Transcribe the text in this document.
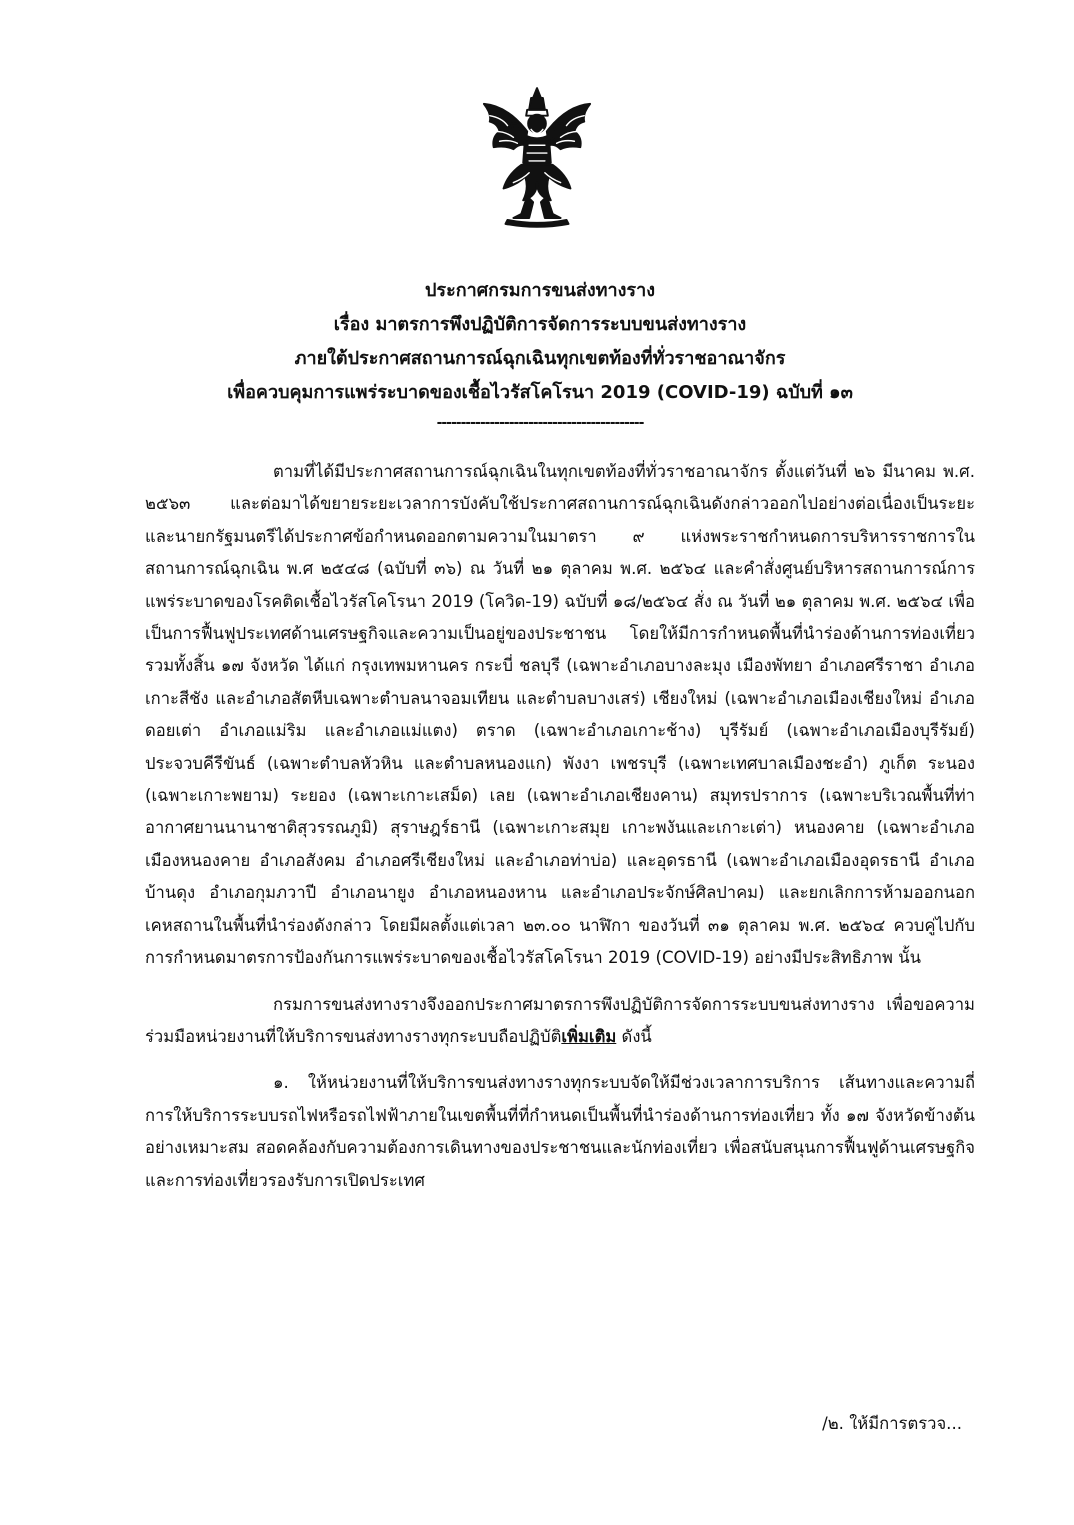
ประกาศกรมการขนส่งทางราง
เรื่อง มาตรการพึงปฏิบัติการจัดการระบบขนส่งทางราง
ภายใต้ประกาศสถานการณ์ฉุกเฉินทุกเขตท้องที่ทั่วราชอาณาจักร
เพื่อควบคุมการแพร่ระบาดของเชื้อไวรัสโคโรนา 2019 (COVID-19) ฉบับที่ ๑๓
-------------------------------------------

ตามที่ได้มีประกาศสถานการณ์ฉุกเฉินในทุกเขตท้องที่ทั่วราชอาณาจักร ตั้งแต่วันที่ ๒๖ มีนาคม พ.ศ. ๒๕๖๓ และต่อมาได้ขยายระยะเวลาการบังคับใช้ประกาศสถานการณ์ฉุกเฉินดังกล่าวออกไปอย่างต่อเนื่องเป็นระยะ และนายกรัฐมนตรีได้ประกาศข้อกำหนดออกตามความในมาตรา ๙ แห่งพระราชกำหนดการบริหารราชการในสถานการณ์ฉุกเฉิน พ.ศ ๒๕๔๘ (ฉบับที่ ๓๖) ณ วันที่ ๒๑ ตุลาคม พ.ศ. ๒๕๖๔ และคำสั่งศูนย์บริหารสถานการณ์การแพร่ระบาดของโรคติดเชื้อไวรัสโคโรนา 2019 (โควิด-19) ฉบับที่ ๑๘/๒๕๖๔ สั่ง ณ วันที่ ๒๑ ตุลาคม พ.ศ. ๒๕๖๔ เพื่อเป็นการฟื้นฟูประเทศด้านเศรษฐกิจและความเป็นอยู่ของประชาชน โดยให้มีการกำหนดพื้นที่นำร่องด้านการท่องเที่ยว รวมทั้งสิ้น ๑๗ จังหวัด ได้แก่ กรุงเทพมหานคร กระบี่ ชลบุรี (เฉพาะอำเภอบางละมุง เมืองพัทยา อำเภอศรีราชา อำเภอเกาะสีชัง และอำเภอสัตหีบเฉพาะตำบลนาจอมเทียน และตำบลบางเสร่) เชียงใหม่ (เฉพาะอำเภอเมืองเชียงใหม่ อำเภอดอยเต่า อำเภอแม่ริม และอำเภอแม่แตง) ตราด (เฉพาะอำเภอเกาะช้าง) บุรีรัมย์ (เฉพาะอำเภอเมืองบุรีรัมย์) ประจวบคีรีขันธ์ (เฉพาะตำบลหัวหิน และตำบลหนองแก) พังงา เพชรบุรี (เฉพาะเทศบาลเมืองชะอำ) ภูเก็ต ระนอง (เฉพาะเกาะพยาม) ระยอง (เฉพาะเกาะเสม็ด) เลย (เฉพาะอำเภอเชียงคาน) สมุทรปราการ (เฉพาะบริเวณพื้นที่ท่าอากาศยานนานาชาติสุวรรณภูมิ) สุราษฎร์ธานี (เฉพาะเกาะสมุย เกาะพงันและเกาะเต่า) หนองคาย (เฉพาะอำเภอเมืองหนองคาย อำเภอสังคม อำเภอศรีเชียงใหม่ และอำเภอท่าบ่อ) และอุดรธานี (เฉพาะอำเภอเมืองอุดรธานี อำเภอบ้านดุง อำเภอกุมภวาปี อำเภอนายูง อำเภอหนองหาน และอำเภอประจักษ์ศิลปาคม) และยกเลิกการห้ามออกนอกเคหสถานในพื้นที่นำร่องดังกล่าว โดยมีผลตั้งแต่เวลา ๒๓.๐๐ นาฬิกา ของวันที่ ๓๑ ตุลาคม พ.ศ. ๒๕๖๔ ควบคู่ไปกับการกำหนดมาตรการป้องกันการแพร่ระบาดของเชื้อไวรัสโคโรนา 2019 (COVID-19) อย่างมีประสิทธิภาพ นั้น

กรมการขนส่งทางรางจึงออกประกาศมาตรการพึงปฏิบัติการจัดการระบบขนส่งทางราง เพื่อขอความร่วมมือหน่วยงานที่ให้บริการขนส่งทางรางทุกระบบถือปฏิบัติเพิ่มเติม ดังนี้

๑. ให้หน่วยงานที่ให้บริการขนส่งทางรางทุกระบบจัดให้มีช่วงเวลาการบริการ เส้นทางและความถี่การให้บริการระบบรถไฟหรือรถไฟฟ้าภายในเขตพื้นที่ที่กำหนดเป็นพื้นที่นำร่องด้านการท่องเที่ยว ทั้ง ๑๗ จังหวัดข้างต้นอย่างเหมาะสม สอดคล้องกับความต้องการเดินทางของประชาชนและนักท่องเที่ยว เพื่อสนับสนุนการฟื้นฟูด้านเศรษฐกิจและการท่องเที่ยวรองรับการเปิดประเทศ

/๒. ให้มีการตรวจ...
